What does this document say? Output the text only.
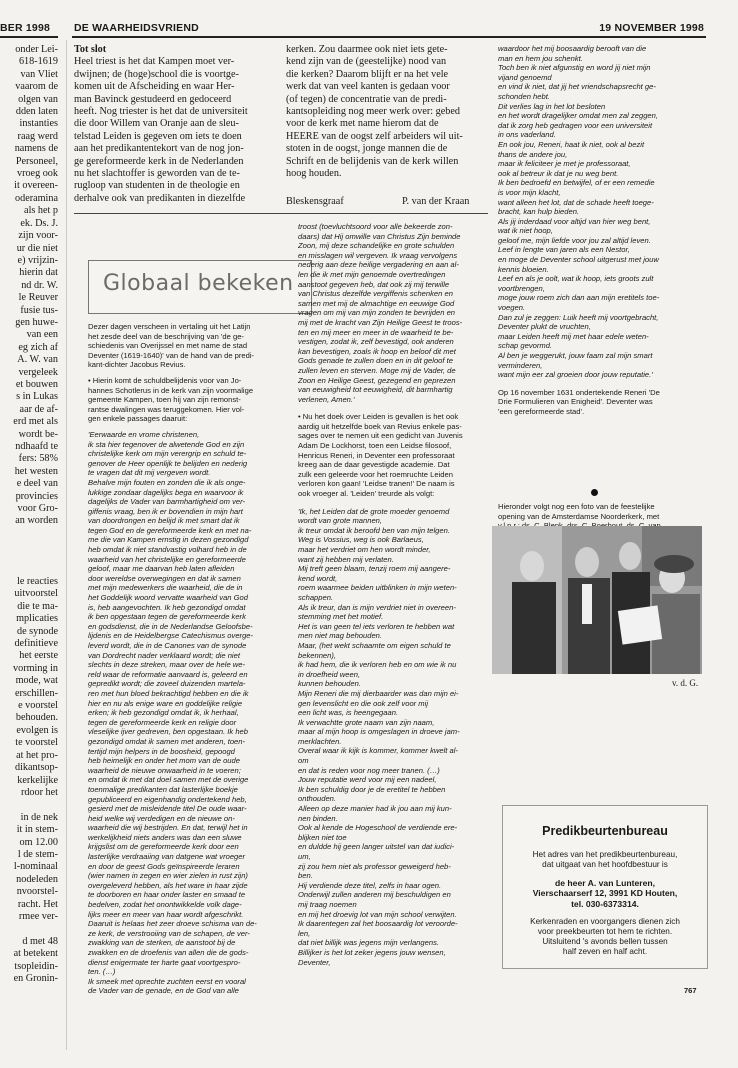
BER 1998	DE WAARHEIDSVRIEND	19 NOVEMBER 1998

onder Lei-

618-1619

van Vliet

vaarom de

olgen van

dden laten

instanties

raag werd

namens de

Personeel,

vroeg ook

it overeen-

oderamina

als het p

ek. Ds. J.

zijn voor-

ur die niet

e) vrijzin-

hierin dat

nd dr. W.

le Reuver

fusie tus-

gen huwe-

van een

eg zich af

A. W. van

vergeleek

et bouwen

s in Lukas

aar de af-

erd met als

wordt be-

ndhaafd te

fers: 58%

het westen

e deel van

provincies

voor Gro-

an worden

le reacties

uitvoorstel

die te ma-

mplicaties

de synode

definitieve

het eerste

vorming in

mode, wat

erschillen-

e voorstel

behouden.

evolgen is

te voorstel

at het pro-

dikantsop-

kerkelijke

rdoor het

in de nek

it in stem-

om 12.00

l de stem-

l-nominaal

nodeleden

nvoorstel-

racht. Het

rmee ver-

d met 48

at betekent

tsopleidin-

en Gronin-

Tot slot

Heel triest is het dat Kampen moet ver-

dwijnen; de (hoge)school die is voortge-

komen uit de Afscheiding en waar Her-

man Bavinck gestudeerd en gedoceerd

heeft. Nog triester is het dat de universiteit

die door Willem van Oranje aan de sleu-

telstad Leiden is gegeven om iets te doen

aan het predikantentekort van de nog jon-

ge gereformeerde kerk in de Nederlanden

nu het slachtoffer is geworden van de te-

rugloop van studenten in de theologie en

derhalve ook van predikanten in diezelfde

kerken. Zou daarmee ook niet iets gete-

kend zijn van de (geestelijke) nood van

die kerken? Daarom blijft er na het vele

werk dat van veel kanten is gedaan voor

(of tegen) de concentratie van de predi-

kantsopleiding nog meer werk over: gebed

voor de kerk met name hierom dat de

HEERE van de oogst zelf arbeiders wil uit-

stoten in de oogst, jonge mannen die de

Schrift en de belijdenis van de kerk willen

hoog houden.

Bleskensgraaf	P. van der Kraan
Globaal bekeken

Dezer dagen verscheen in vertaling uit het Latijn

het zesde deel van de beschrijving van 'de ge-

schiedenis van Overijssel en met name de stad

Deventer (1619-1640)' van de hand van de predi-

kant-dichter Jacobus Revius.

• Hierin komt de schuldbelijdenis voor van Jo-

hannes Schotlerus in de kerk van zijn voormalige

gemeente Kampen, toen hij van zijn remonst-

rantse dwalingen was teruggekomen. Hier vol-

gen enkele passages daaruit:

'Eerwaarde en vrome christenen,

ik sta hier tegenover de alwetende God en zijn

christelijke kerk om mijn verergrip en schuld te-

genover de Heer openlijk te belijden en nederig

te vragen dat dit mij vergeven wordt.

Behalve mijn fouten en zonden die ik als onge-

lukkige zondaar dagelijks bega en waarvoor ik

dagelijks de Vader van barmhartigheid om ver-

giffenis vraag, ben ik er bovendien in mijn hart

van doordrongen en belijd ik met smart dat ik

tegen God en de gereformeerde kerk en met na-

me die van Kampen ernstig in dezen gezondigd

heb omdat ik niet standvastig volhard heb in de

waarheid van het christelijke en gereformeerde

geloof, maar me daarvan heb laten afleiden

door wereldse overwegingen en dat ik samen

met mijn medewerkers die waarheid, die de in

het Goddelijk woord vervatte waarheid van God

is, heb aangevochten. Ik heb gezondigd omdat

ik ben opgestaan tegen de gereformeerde kerk

en godsdienst, die in de Nederlandse Geloofsbe-

lijdenis en de Heidelbergse Catechismus overge-

leverd wordt, die in de Canones van de synode

van Dordrecht nader verklaard wordt; die niet

slechts in deze streken, maar over de hele we-

reld waar de reformatie aanvaard is, geleerd en

gepredikt wordt; die zoveel duizenden martela-

ren met hun bloed bekrachtigd hebben en die ik

hier en nu als enige ware en goddelijke religie

erken; ik heb gezondigd omdat ik, ik herhaal,

tegen de gereformeerde kerk en religie door

vleselijke ijver gedreven, ben opgestaan. Ik heb

gezondigd omdat ik samen met anderen, toen-

tertijd mijn helpers in de boosheid, gepoogd

heb heimelijk en onder het mom van de oude

waarheid de nieuwe onwaarheid in te voeren;

en omdat ik met dat doel samen met de overige

toenmalige predikanten dat lasterlijke boekje

gepubliceerd en eigenhandig ondertekend heb,

gesierd met de misleidende titel De oude waar-

heid welke wij verdedigen en de nieuwe on-

waarheid die wij bestrijden. En dat, terwijl het in

werkelijkheid niets anders was dan een sluwe

krijgslist om de gereformeerde kerk door een

lasterlijke verdraaiing van datgene wat vroeger

en door de geest Gods geïnspireerde leraren

(wier namen in zegen en wier zielen in rust zijn)

overgeleverd hebben, als het ware in haar zijde

te doorboren en haar onder laster en smaad te

bedelven, zodat het onontwikkelde volk dage-

lijks meer en meer van haar wordt afgeschrikt.

Daaruit is helaas het zeer droeve schisma van de-

ze kerk, de verstrooiing van de schapen, de ver-

zwakking van de sterken, de aanstoot bij de

zwakken en de droefenis van allen die de gods-

dienst enigermate ter harte gaat voortgespro-

ten. (…)

Ik smeek met oprechte zuchten eerst en vooral

de Vader van de genade, en de God van alle

troost (toevluchtsoord voor alle bekeerde zon-

daars) dat Hij omwille van Christus Zijn beminde

Zoon, mij deze schandelijke en grote schulden

en misslagen wil vergeven. Ik vraag vervolgens

nederig aan deze heilige vergadering en aan al-

len die ik met mijn genoemde overtredingen

aanstoot gegeven heb, dat ook zij mij terwille

van Christus dezelfde vergiffenis schenken en

samen met mij de almachtige en eeuwige God

vragen om mij van mijn zonden te bevrijden en

mij met de kracht van Zijn Heilige Geest te troos-

ten en mij meer en meer in de waarheid te be-

vestigen, zodat ik, zelf bevestigd, ook anderen

kan bevestigen, zoals ik hoop en beloof dit met

Gods genade te zullen doen en in dit geloof te

zullen leven en sterven. Moge mij de Vader, de

Zoon en Heilige Geest, gezegend en geprezen

van eeuwigheid tot eeuwigheid, dit barmhartig

verlenen, Amen.'

• Nu het doek over Leiden is gevallen is het ook

aardig uit hetzelfde boek van Revius enkele pas-

sages over te nemen uit een gedicht van Juvenis

Adam De Lockhorst, toen een Leidse filosoof,

Henricus Reneri, in Deventer een professoraat

kreeg aan de daar gevestigde academie. Dat

zulk een geleerde voor het roemruchte Leiden

verloren kon gaan! 'Leidse tranen!' De naam is

ook vroeger al. 'Leiden' treurde als volgt:

'Ik, het Leiden dat de grote moeder genoemd

wordt van grote mannen,

ik treur omdat ik beroofd ben van mijn telgen.

Weg is Vossius, weg is ook Barlaeus,

maar het verdriet om hen wordt minder,

want zij hebben mij verlaten.

Mij treft geen blaam, tenzij roem mij aangere-

kend wordt,

roem waarmee beiden uitblinken in mijn weten-

schappen.

Als ik treur, dan is mijn verdriet niet in overeen-

stemming met het motief.

Het is van geen tel iets verloren te hebben wat

men niet mag behouden.

Maar, (het wekt schaamte om eigen schuld te

bekennen),

ik had hem, die ik verloren heb en om wie ik nu

in droefheid ween,

kunnen behouden.

Mijn Reneri die mij dierbaarder was dan mijn ei-

gen levenslicht en die ook zelf voor mij

een licht was, is heengegaan.

Ik verwachtte grote naam van zijn naam,

maar al mijn hoop is omgeslagen in droeve jam-

merklachten.

Overal waar ik kijk is kommer, kommer kwelt al-

om

en dat is reden voor nog meer tranen. (…)

Jouw reputatie werd voor mij een nadeel,

Ik ben schuldig door je de eretitel te hebben

onthouden.

Alleen op deze manier had ik jou aan mij kun-

nen binden.

Ook al kende de Hogeschool de verdiende ere-

blijken niet toe

en duldde hij geen langer uitstel van dat iudici-

um,

zij zou hem niet als professor geweigerd heb-

ben.

Hij verdiende deze titel, zelfs in haar ogen.

Onderwijl zullen anderen mij beschuldigen en

mij traag noemen

en mij het droevig lot van mijn school verwijten.

Ik daarentegen zal het boosaardig lot veroorde-

len,

dat niet billijk was jegens mijn verlangens.

Billijker is het lot zeker jegens jouw wensen,

Deventer,

waardoor het mij boosaardig berooft van die

man en hem jou schenkt.

Toch ben ik niet afgunstig en word jij niet mijn

vijand genoemd

en vind ik niet, dat jij het vriendschapsrecht ge-

schonden hebt.

Dit verlies lag in het lot besloten

en het wordt dragelijker omdat men zal zeggen,

dat ik zorg heb gedragen voor een universiteit

in ons vaderland.

En ook jou, Reneri, haat ik niet, ook al bezit

thans de andere jou,

maar ik feliciteer je met je professoraat,

ook al betreur ik dat je nu weg bent.

Ik ben bedroefd en betwijfel, of er een remedie

is voor mijn klacht,

want alleen het lot, dat de schade heeft toege-

bracht, kan hulp bieden.

Als jij inderdaad voor altijd van hier weg bent,

wat ik niet hoop,

geloof me, mijn liefde voor jou zal altijd leven.

Leef in lengte van jaren als een Nestor,

en moge de Deventer school uitgerust met jouw

kennis bloeien.

Leef en als je oolt, wat ik hoop, iets groots zult

voortbrengen,

moge jouw roem zich dan aan mijn eretitels toe-

voegen.

Dan zul je zeggen: Luik heeft mij voortgebracht,

Deventer plukt de vruchten,

maar Leiden heeft mij met haar edele weten-

schap gevormd.

Al ben je weggerukt, jouw faam zal mijn smart

verminderen,

want mijn eer zal groeien door jouw reputatie.'

Op 16 november 1631 ondertekende Reneri 'De

Drie Formulieren van Enigheid'. Deventer was

'een gereformeerde stad'.

Hieronder volgt nog een foto van de feestelijke

opening van de Amsterdamse Noorderkerk, met

v. d. G.
Predikbeurtenbureau

Het adres van het predikbeurtenbureau,

dat uitgaat van het hoofdbestuur is

de heer A. van Lunteren,

Vierschaarserf 12, 3991 KD Houten,

tel. 030-6373314.

Kerkenraden en voorgangers dienen zich

voor preekbeurten tot hem te richten.

Uitsluitend 's avonds bellen tussen

half zeven en half acht.

767
